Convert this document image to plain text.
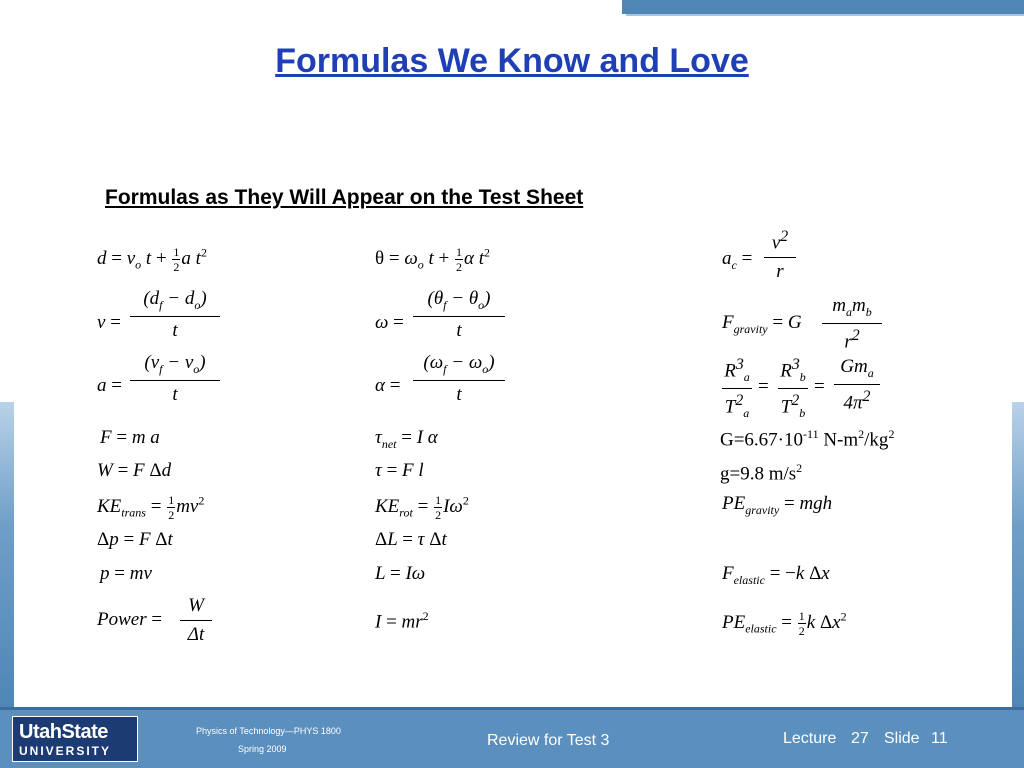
Formulas We Know and Love
Formulas as They Will Appear on the Test Sheet
$d = v_o$ $t + \frac{1}{2}$ a $t^2$
v =
$(d_f - d_o)$
t
a =
$(v_f - v_o)$
t
F = m a
W = F Δd
$KE_{trans} = \frac{1}{2} mv^2$
Δp = F Δt
p = mv
Power =
W
Δt
$\theta = \omega_o$ $t + \frac{1}{2}$ α $t^2$
ω =
$(\theta_f - \theta_o)$
t
α =
$(\omega_f - \omega_o)$
t
$\tau_{net} = I$ α
τ = F l
$KE_{rot} = \frac{1}{2} I\omega^2$
ΔL = τ Δt
L = Iω
$I = mr^2$
$a_c$ =
$v^2$
r
$F_{gravity} = G$
$m_am_b$
$r^2$
$R^3_a$
$T^2_a$
=
$R^3_b$
$T^2_b$
=
$Gm_a$
$4\pi^2$
$G=6.67\cdot 10^{-11}$ $N-m^2/kg^2$
g=9.8 $m/s^2$
$PE_{gravity}$ = mgh
$F_{elastic} = -k$ Δx
$PE_{elastic} = \frac{1}{2}$ k $\Delta x^2$
UtahState
UNIVERSITY
Physics of Technology—PHYS 1800
Spring 2009	Review for Test 3	Lecture 27 Slide 11
